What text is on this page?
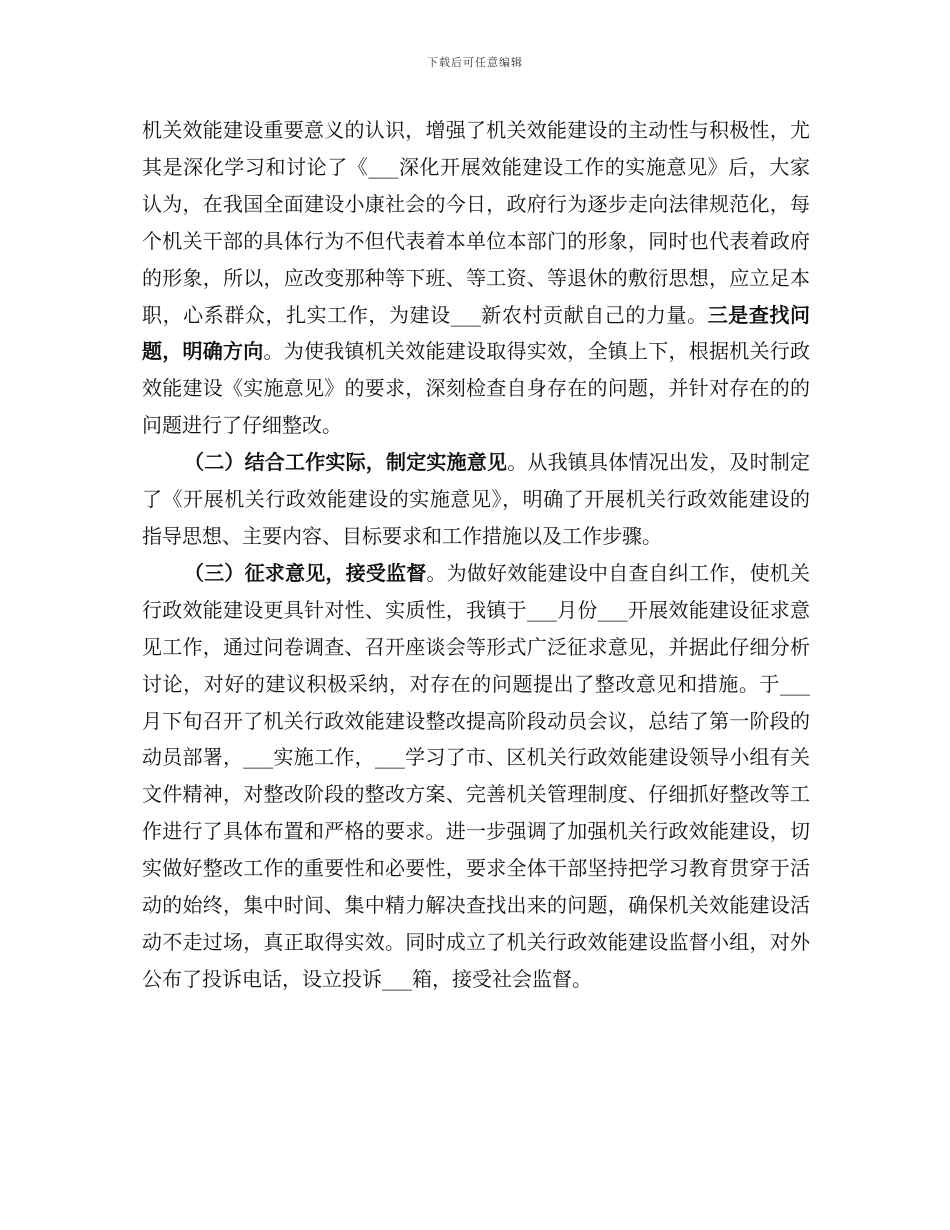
下载后可任意编辑

机关效能建设重要意义的认识，增强了机关效能建设的主动性与积极性，尤其是深化学习和讨论了《___深化开展效能建设工作的实施意见》后，大家认为，在我国全面建设小康社会的今日，政府行为逐步走向法律规范化，每个机关干部的具体行为不但代表着本单位本部门的形象，同时也代表着政府的形象，所以，应改变那种等下班、等工资、等退休的敷衍思想，应立足本职，心系群众，扎实工作，为建设___新农村贡献自己的力量。三是查找问题，明确方向。为使我镇机关效能建设取得实效，全镇上下，根据机关行政效能建设《实施意见》的要求，深刻检查自身存在的问题，并针对存在的的问题进行了仔细整改。

（二）结合工作实际，制定实施意见。从我镇具体情况出发，及时制定了《开展机关行政效能建设的实施意见》，明确了开展机关行政效能建设的指导思想、主要内容、目标要求和工作措施以及工作步骤。

（三）征求意见，接受监督。为做好效能建设中自查自纠工作，使机关行政效能建设更具针对性、实质性，我镇于___月份___开展效能建设征求意见工作，通过问卷调查、召开座谈会等形式广泛征求意见，并据此仔细分析讨论，对好的建议积极采纳，对存在的问题提出了整改意见和措施。于___月下旬召开了机关行政效能建设整改提高阶段动员会议，总结了第一阶段的动员部署，___实施工作，___学习了市、区机关行政效能建设领导小组有关文件精神，对整改阶段的整改方案、完善机关管理制度、仔细抓好整改等工作进行了具体布置和严格的要求。进一步强调了加强机关行政效能建设，切实做好整改工作的重要性和必要性，要求全体干部坚持把学习教育贯穿于活动的始终，集中时间、集中精力解决查找出来的问题，确保机关效能建设活动不走过场，真正取得实效。同时成立了机关行政效能建设监督小组，对外公布了投诉电话，设立投诉___箱，接受社会监督。
